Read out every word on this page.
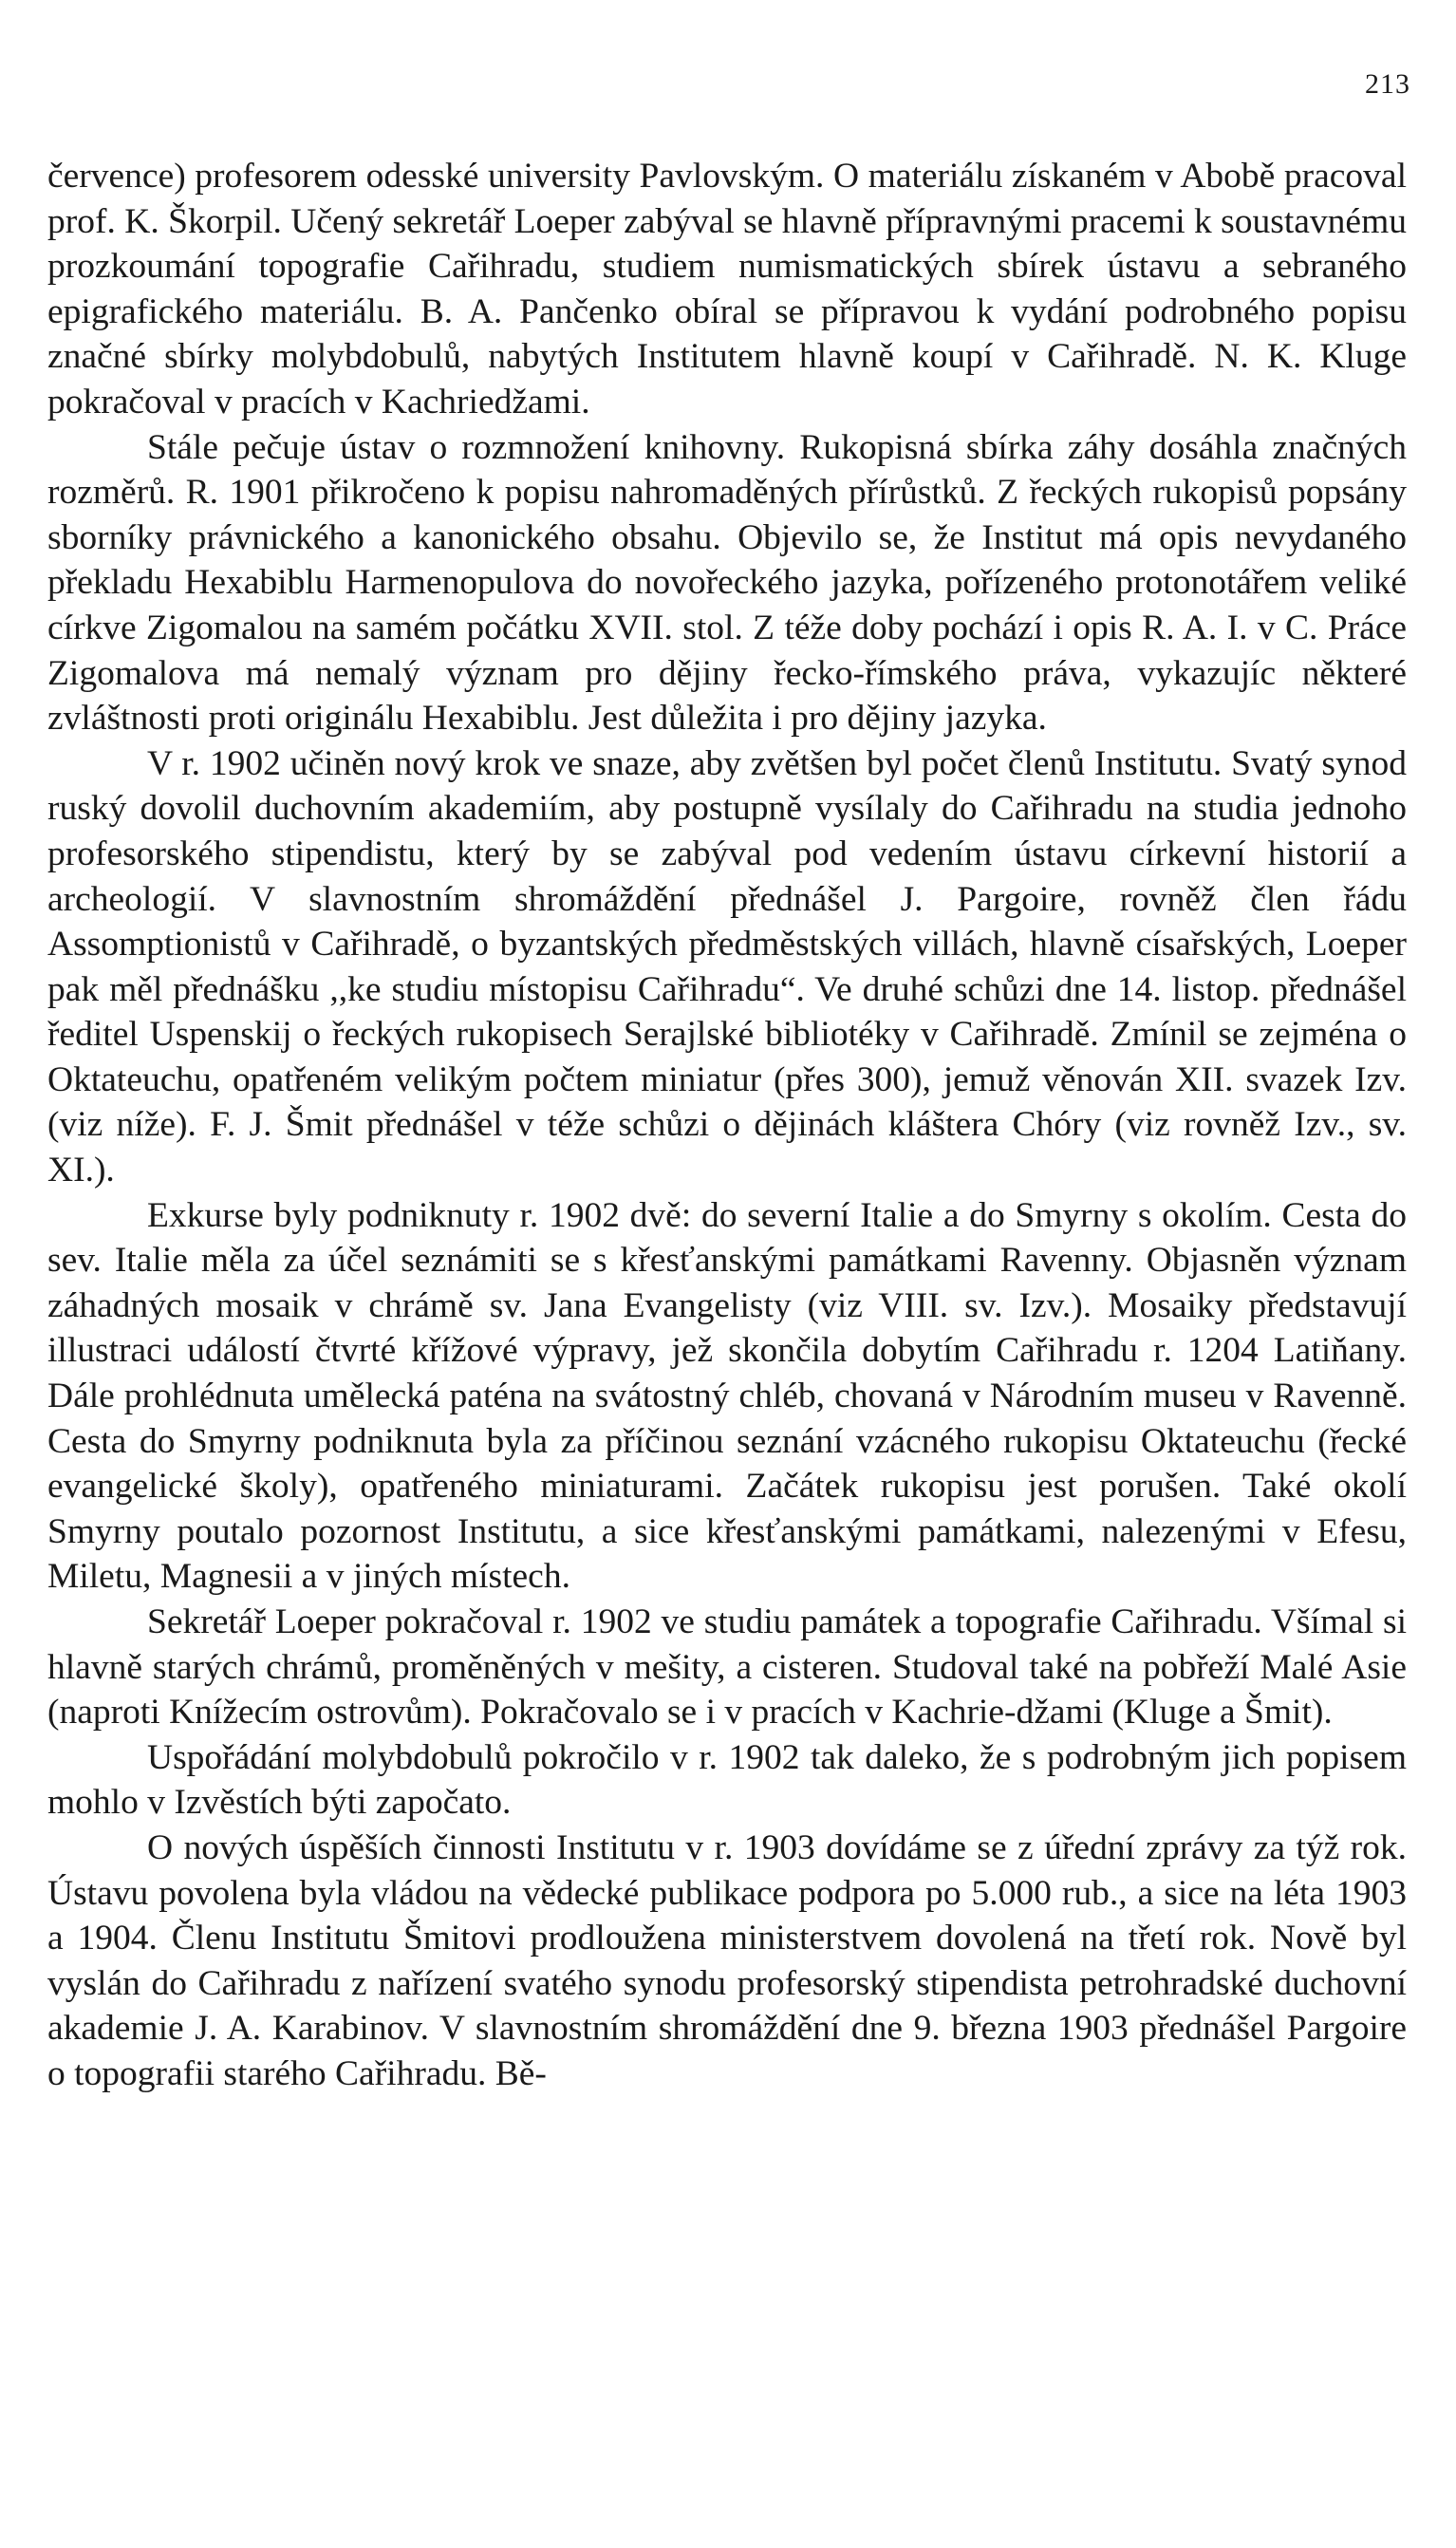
213

července) profesorem odesské university Pavlovským. O materiálu získaném v Abobě pracoval prof. K. Škorpil. Učený sekretář Loeper zabýval se hlavně přípravnými pracemi k soustavnému prozkoumání topografie Cařihradu, studiem numismatických sbírek ústavu a sebraného epigrafického materiálu. B. A. Pančenko obíral se přípravou k vydání podrobného popisu značné sbírky molybdobulů, nabytých Institutem hlavně koupí v Cařihradě. N. K. Kluge pokračoval v pracích v Kachriedžami.

Stále pečuje ústav o rozmnožení knihovny. Rukopisná sbírka záhy dosáhla značných rozměrů. R. 1901 přikročeno k popisu nahromaděných přírůstků. Z řeckých rukopisů popsány sborníky právnického a kanonického obsahu. Objevilo se, že Institut má opis nevydaného překladu Hexabiblu Harmenopulova do novořeckého jazyka, pořízeného protonotářem veliké církve Zigomalou na samém počátku XVII. stol. Z téže doby pochází i opis R. A. I. v C. Práce Zigomalova má nemalý význam pro dějiny řecko-římského práva, vykazujíc některé zvláštnosti proti originálu Hexabiblu. Jest důležita i pro dějiny jazyka.

V r. 1902 učiněn nový krok ve snaze, aby zvětšen byl počet členů Institutu. Svatý synod ruský dovolil duchovním akademiím, aby postupně vysílaly do Cařihradu na studia jednoho profesorského stipendistu, který by se zabýval pod vedením ústavu církevní historií a archeologií. V slavnostním shromáždění přednášel J. Pargoire, rovněž člen řádu Assomptionistů v Cařihradě, o byzantských předměstských villách, hlavně císařských, Loeper pak měl přednášku ,,ke studiu místopisu Cařihradu“. Ve druhé schůzi dne 14. listop. přednášel ředitel Uspenskij o řeckých rukopisech Serajlské bibliotéky v Cařihradě. Zmínil se zejména o Oktateuchu, opatřeném velikým počtem miniatur (přes 300), jemuž věnován XII. svazek Izv. (viz níže). F. J. Šmit přednášel v téže schůzi o dějinách kláštera Chóry (viz rovněž Izv., sv. XI.).

Exkurse byly podniknuty r. 1902 dvě: do severní Italie a do Smyrny s okolím. Cesta do sev. Italie měla za účel seznámiti se s křesťanskými památkami Ravenny. Objasněn význam záhadných mosaik v chrámě sv. Jana Evangelisty (viz VIII. sv. Izv.). Mosaiky představují illustraci událostí čtvrté křížové výpravy, jež skončila dobytím Cařihradu r. 1204 Latiňany. Dále prohlédnuta umělecká paténa na svátostný chléb, chovaná v Národním museu v Ravenně. Cesta do Smyrny podniknuta byla za příčinou seznání vzácného rukopisu Oktateuchu (řecké evangelické školy), opatřeného miniaturami. Začátek rukopisu jest porušen. Také okolí Smyrny poutalo pozornost Institutu, a sice křesťanskými památkami, nalezenými v Efesu, Miletu, Magnesii a v jiných místech.

Sekretář Loeper pokračoval r. 1902 ve studiu památek a topografie Cařihradu. Všímal si hlavně starých chrámů, proměněných v mešity, a cisteren. Studoval také na pobřeží Malé Asie (naproti Knížecím ostrovům). Pokračovalo se i v pracích v Kachrie-džami (Kluge a Šmit).

Uspořádání molybdobulů pokročilo v r. 1902 tak daleko, že s podrobným jich popisem mohlo v Izvěstích býti započato.

O nových úspěších činnosti Institutu v r. 1903 dovídáme se z úřední zprávy za týž rok. Ústavu povolena byla vládou na vědecké publikace podpora po 5.000 rub., a sice na léta 1903 a 1904. Členu Institutu Šmitovi prodloužena ministerstvem dovolená na třetí rok. Nově byl vyslán do Cařihradu z nařízení svatého synodu profesorský stipendista petrohradské duchovní akademie J. A. Karabinov. V slavnostním shromáždění dne 9. března 1903 přednášel Pargoire o topografii starého Cařihradu. Bě-
